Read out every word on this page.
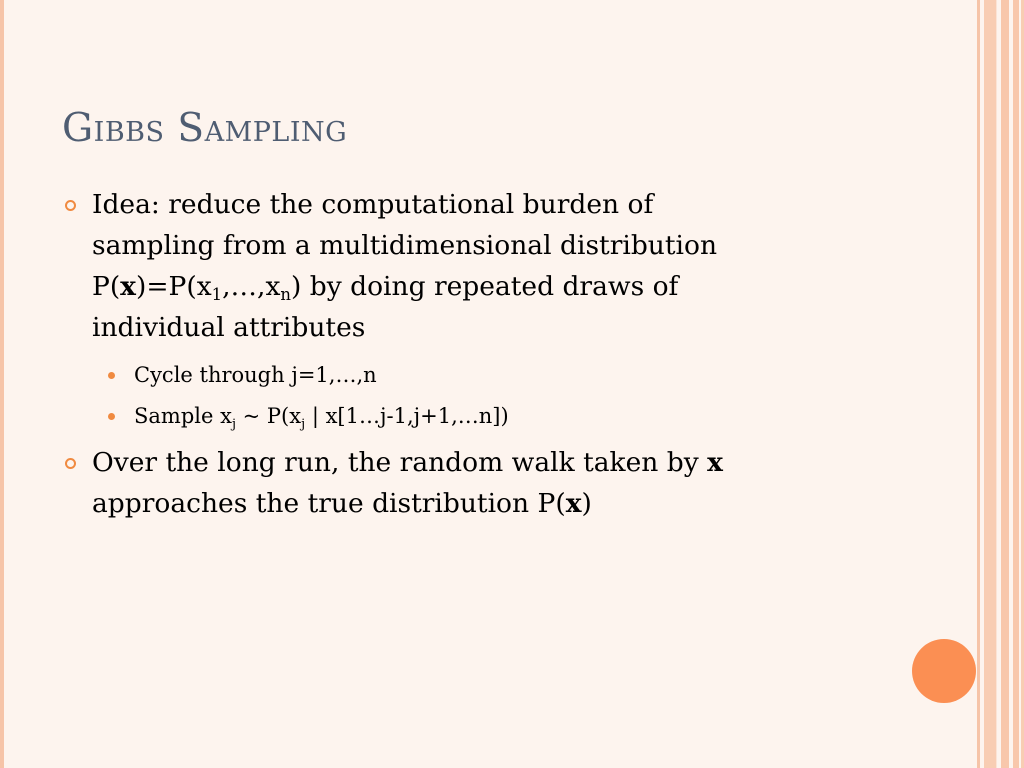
Gibbs Sampling
Idea: reduce the computational burden of
sampling from a multidimensional distribution
$P(x)=P(x_1,\dots,x_n)$ by doing repeated draws of
individual attributes
Cycle through j=1,…,n
Sample $x_j$ ~ $P(x_j$ | x[1…j-1,j+1,…n])
Over the long run, the random walk taken by x
approaches the true distribution P(x)
